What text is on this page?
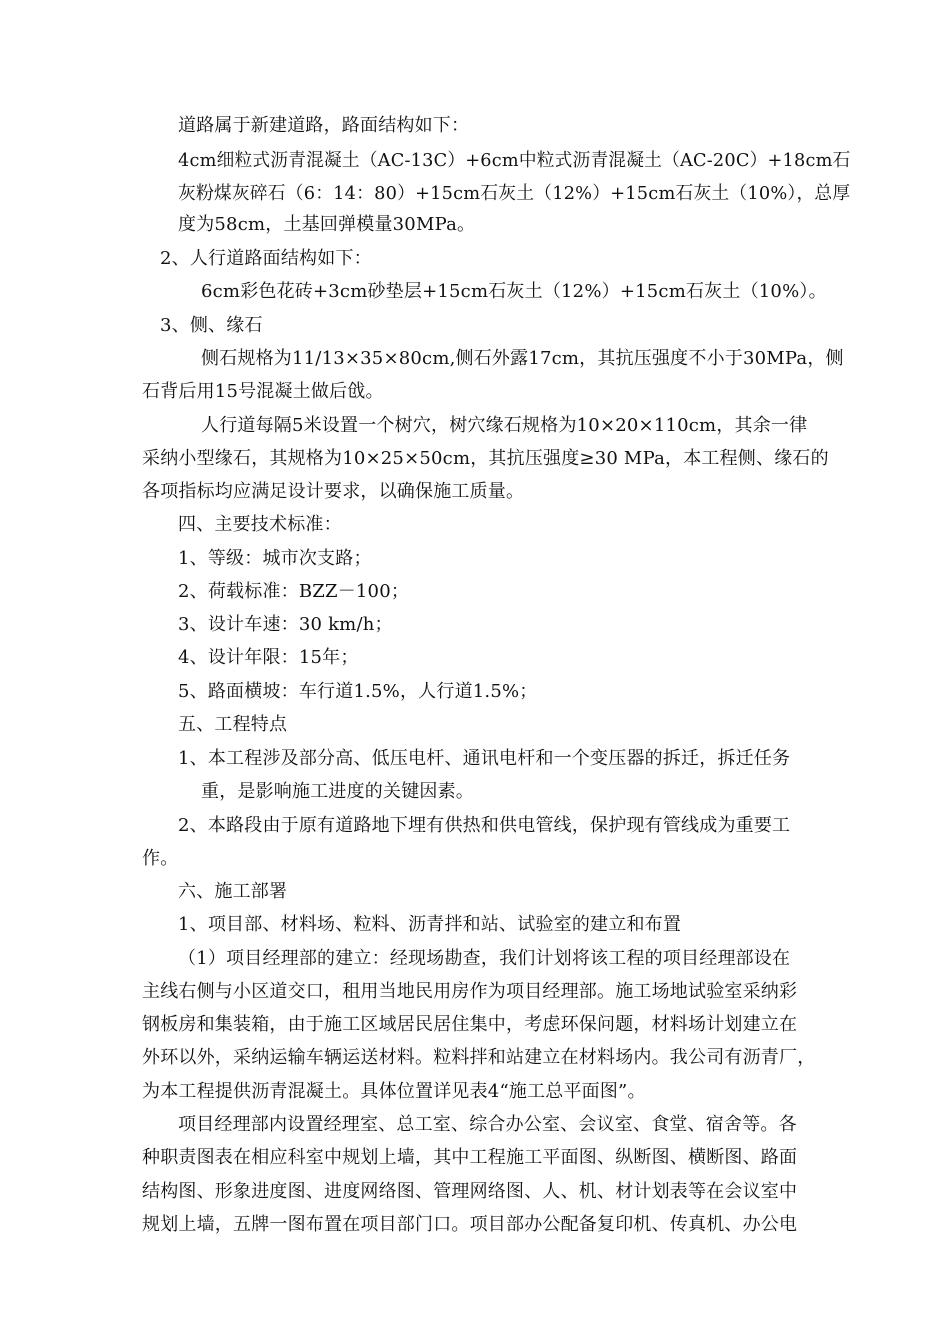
道路属于新建道路，路面结构如下：
4cm细粒式沥青混凝土（AC-13C）+6cm中粒式沥青混凝土（AC-20C）+18cm石
灰粉煤灰碎石（6：14：80）+15cm石灰土（12%）+15cm石灰土（10%），总厚
度为58cm，土基回弹模量30MPa。
2、人行道路面结构如下：
6cm彩色花砖+3cm砂垫层+15cm石灰土（12%）+15cm石灰土（10%）。
3、侧、缘石
侧石规格为11/13×35×80cm,侧石外露17cm，其抗压强度不小于30MPa，侧
石背后用15号混凝土做后戗。
人行道每隔5米设置一个树穴，树穴缘石规格为10×20×110cm，其余一律
采纳小型缘石，其规格为10×25×50cm，其抗压强度≥30 MPa，本工程侧、缘石的
各项指标均应满足设计要求，以确保施工质量。
四、主要技术标准：
1、等级：城市次支路；
2、荷载标准：BZZ－100；
3、设计车速：30 km/h；
4、设计年限：15年；
5、路面横坡：车行道1.5%，人行道1.5%；
五、工程特点
1、本工程涉及部分高、低压电杆、通讯电杆和一个变压器的拆迁，拆迁任务
重，是影响施工进度的关键因素。
2、本路段由于原有道路地下埋有供热和供电管线，保护现有管线成为重要工
作。
六、施工部署
1、项目部、材料场、粒料、沥青拌和站、试验室的建立和布置
（1）项目经理部的建立：经现场勘查，我们计划将该工程的项目经理部设在
主线右侧与小区道交口，租用当地民用房作为项目经理部。施工场地试验室采纳彩
钢板房和集装箱，由于施工区域居民居住集中，考虑环保问题，材料场计划建立在
外环以外，采纳运输车辆运送材料。粒料拌和站建立在材料场内。我公司有沥青厂，
为本工程提供沥青混凝土。具体位置详见表4“施工总平面图”。
项目经理部内设置经理室、总工室、综合办公室、会议室、食堂、宿舍等。各
种职责图表在相应科室中规划上墙，其中工程施工平面图、纵断图、横断图、路面
结构图、形象进度图、进度网络图、管理网络图、人、机、材计划表等在会议室中
规划上墙，五牌一图布置在项目部门口。项目部办公配备复印机、传真机、办公电
